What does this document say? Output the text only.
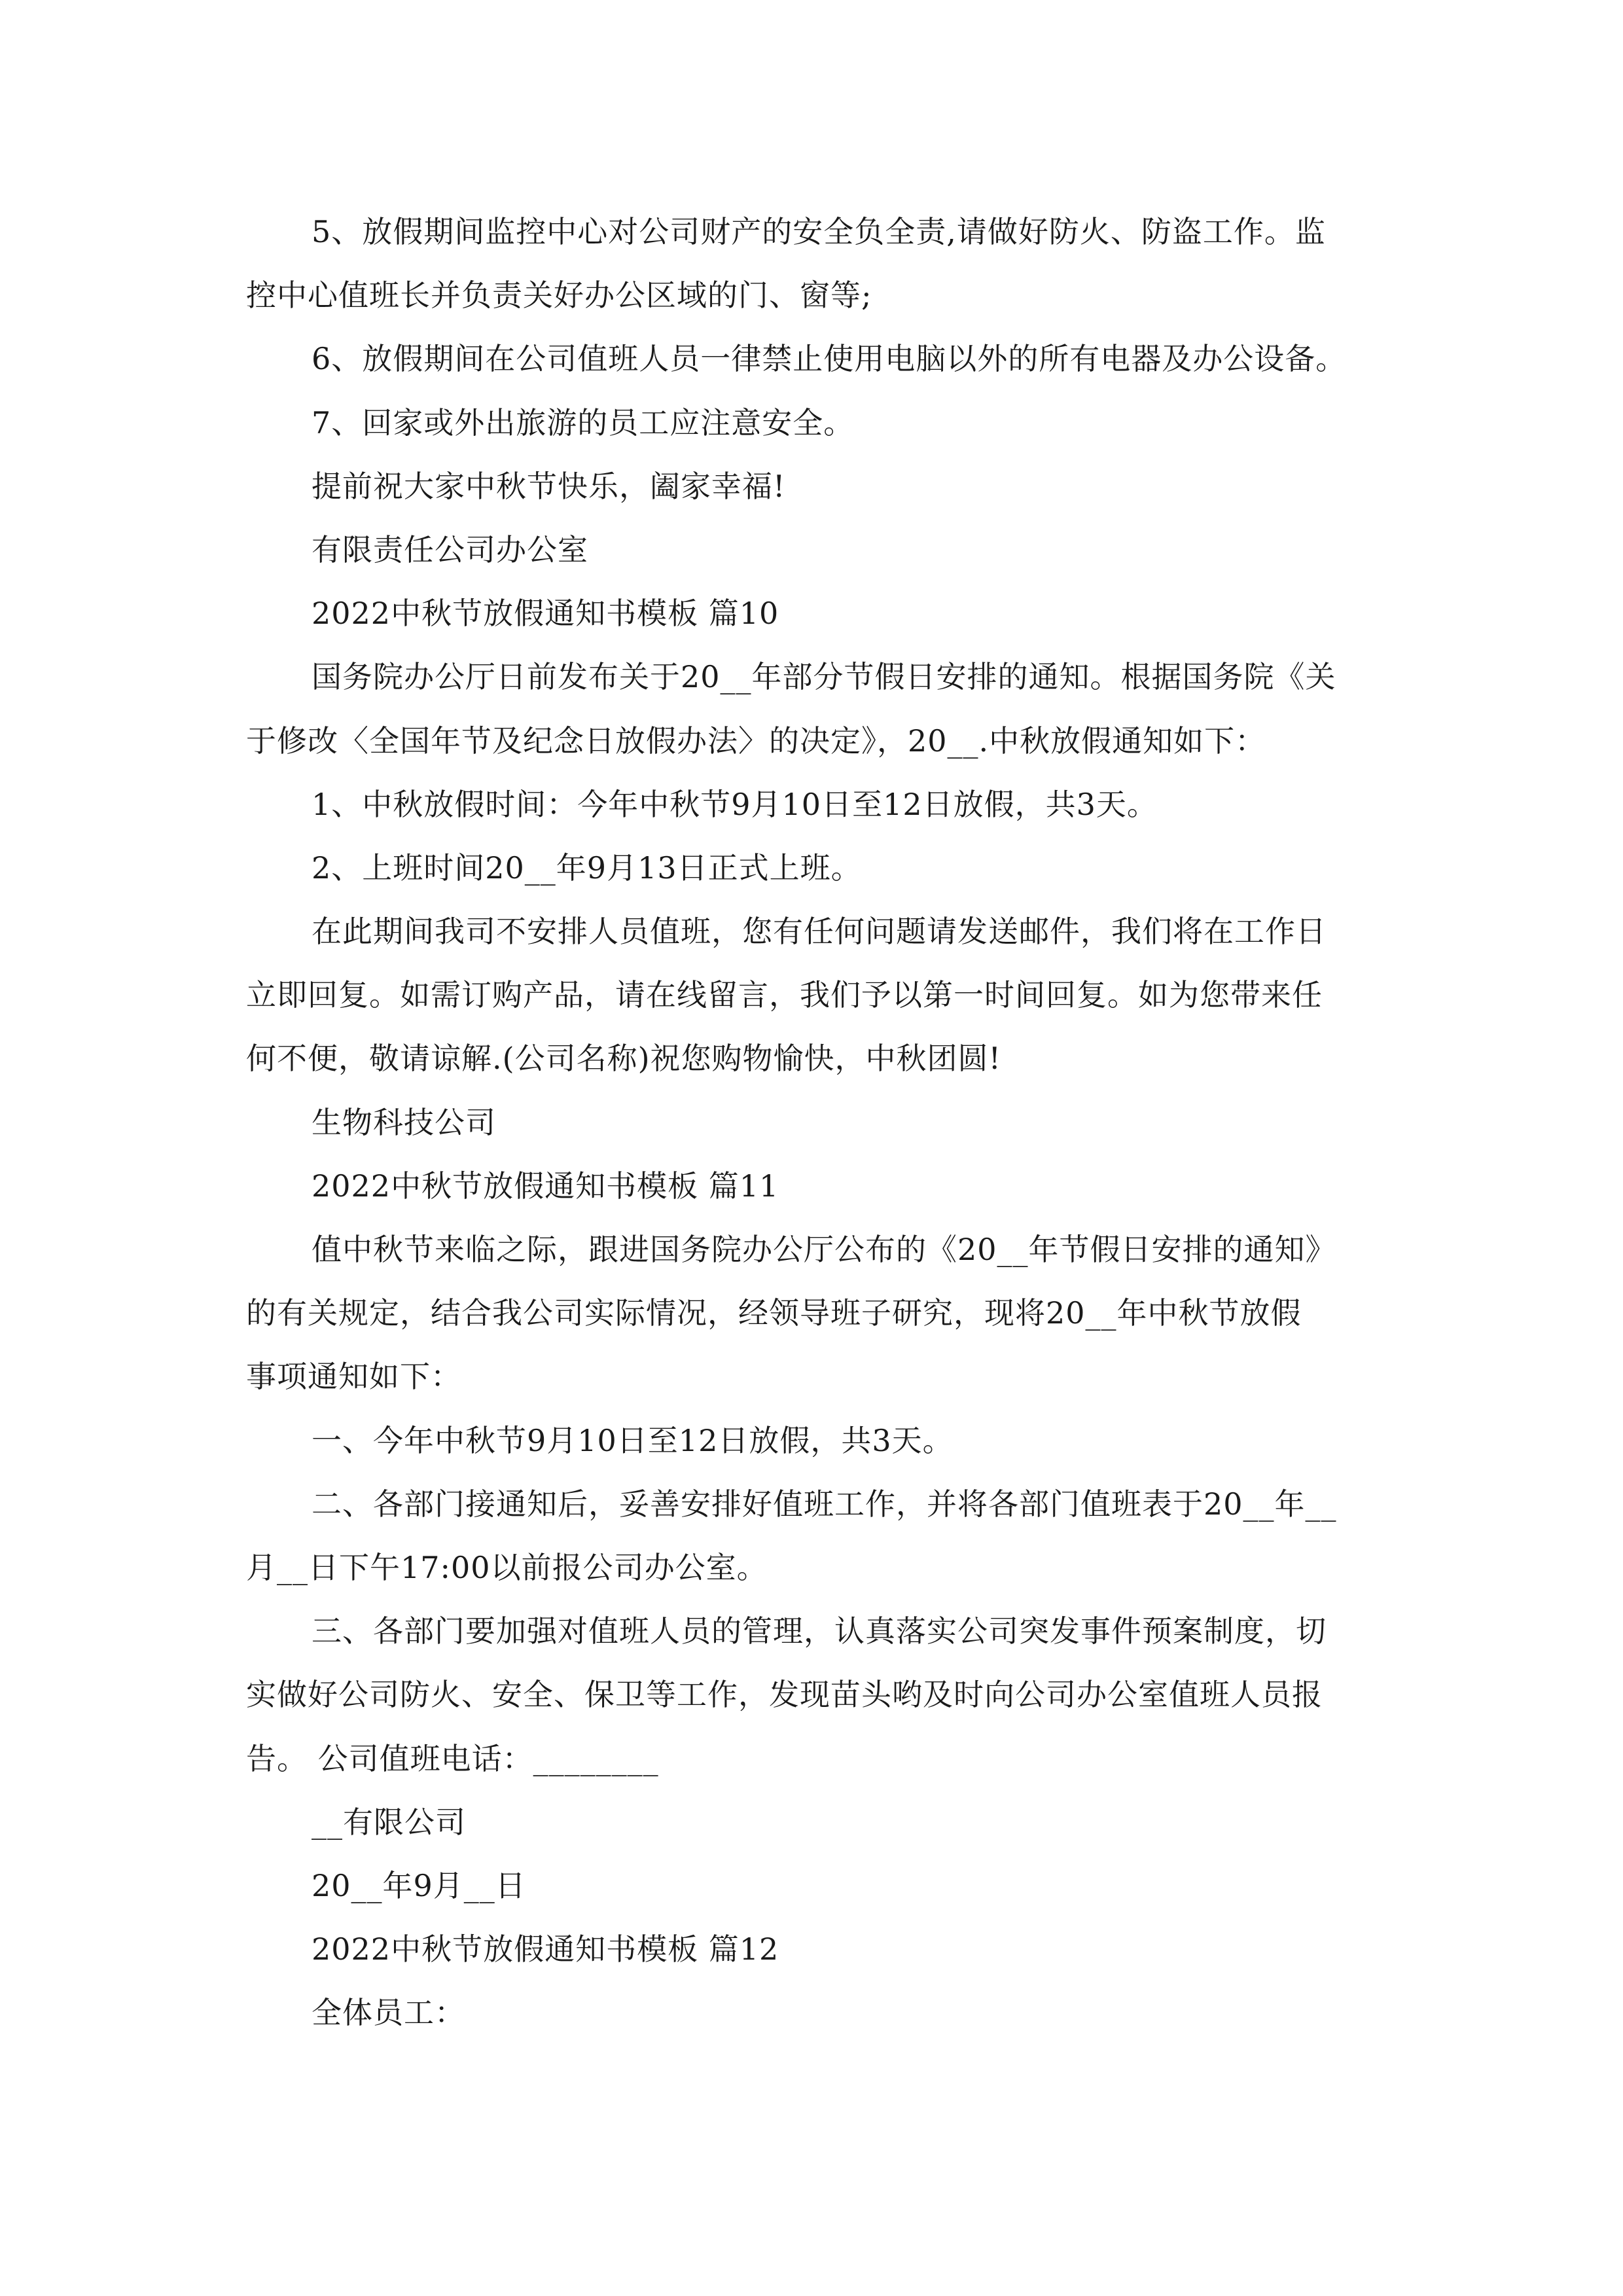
5、放假期间监控中心对公司财产的安全负全责,请做好防火、防盗工作。监
控中心值班长并负责关好办公区域的门、窗等;
6、放假期间在公司值班人员一律禁止使用电脑以外的所有电器及办公设备。
7、回家或外出旅游的员工应注意安全。
提前祝大家中秋节快乐，阖家幸福!
有限责任公司办公室
2022中秋节放假通知书模板 篇10
国务院办公厅日前发布关于20__年部分节假日安排的通知。根据国务院《关
于修改〈全国年节及纪念日放假办法〉的决定》，20__.中秋放假通知如下：
1、中秋放假时间：今年中秋节9月10日至12日放假，共3天。
2、上班时间20__年9月13日正式上班。
在此期间我司不安排人员值班，您有任何问题请发送邮件，我们将在工作日
立即回复。如需订购产品，请在线留言，我们予以第一时间回复。如为您带来任
何不便，敬请谅解.(公司名称)祝您购物愉快，中秋团圆!
生物科技公司
2022中秋节放假通知书模板 篇11
值中秋节来临之际，跟进国务院办公厅公布的《20__年节假日安排的通知》
的有关规定，结合我公司实际情况，经领导班子研究，现将20__年中秋节放假
事项通知如下：
一、今年中秋节9月10日至12日放假，共3天。
二、各部门接通知后，妥善安排好值班工作，并将各部门值班表于20__年__
月__日下午17:00以前报公司办公室。
三、各部门要加强对值班人员的管理，认真落实公司突发事件预案制度，切
实做好公司防火、安全、保卫等工作，发现苗头哟及时向公司办公室值班人员报
告。 公司值班电话：________
__有限公司
20__年9月__日
2022中秋节放假通知书模板 篇12
全体员工：
